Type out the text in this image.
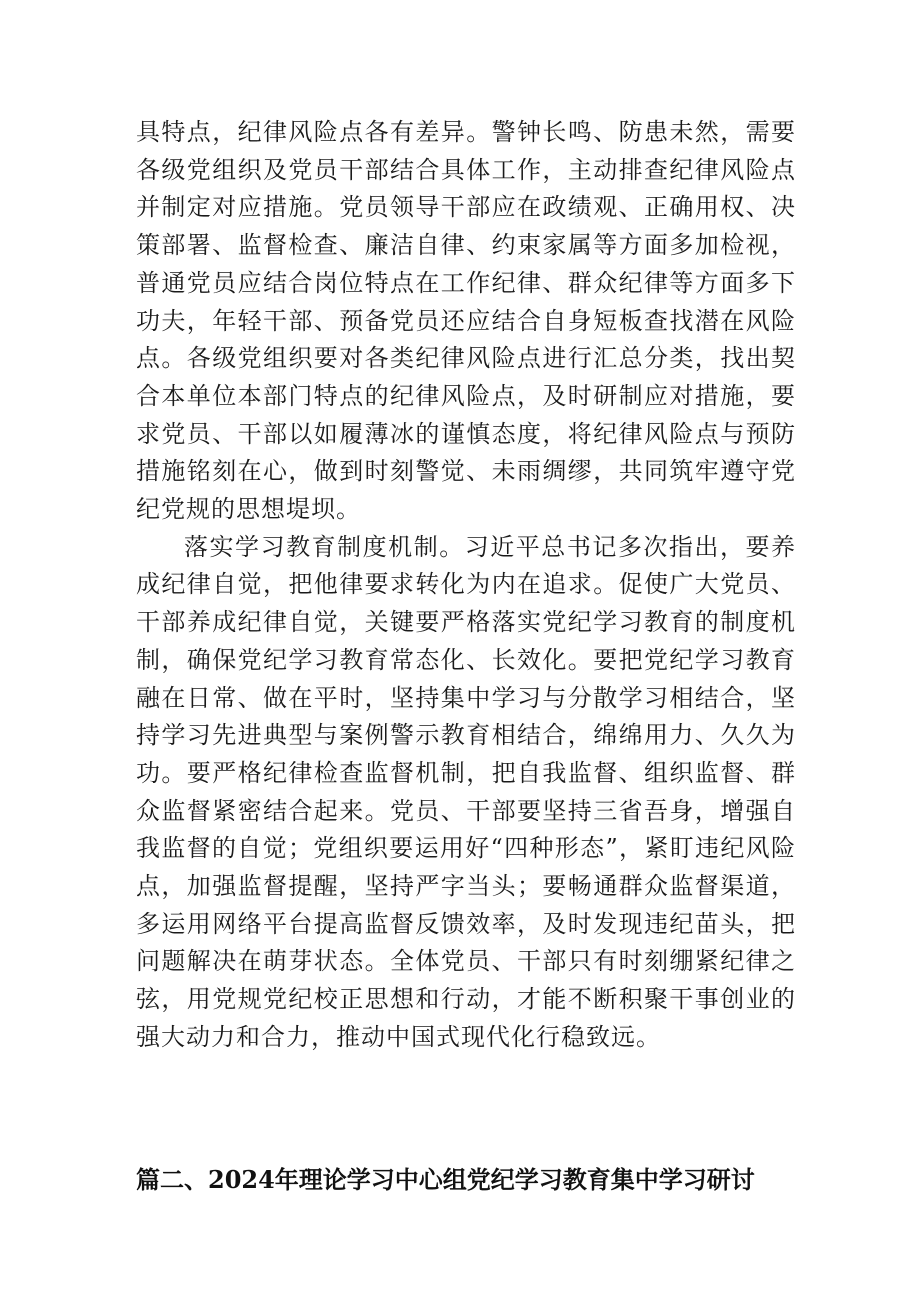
具特点，纪律风险点各有差异。警钟长鸣、防患未然，需要各级党组织及党员干部结合具体工作，主动排查纪律风险点并制定对应措施。党员领导干部应在政绩观、正确用权、决策部署、监督检查、廉洁自律、约束家属等方面多加检视，普通党员应结合岗位特点在工作纪律、群众纪律等方面多下功夫，年轻干部、预备党员还应结合自身短板查找潜在风险点。各级党组织要对各类纪律风险点进行汇总分类，找出契合本单位本部门特点的纪律风险点，及时研制应对措施，要求党员、干部以如履薄冰的谨慎态度，将纪律风险点与预防措施铭刻在心，做到时刻警觉、未雨绸缪，共同筑牢遵守党纪党规的思想堤坝。

落实学习教育制度机制。习近平总书记多次指出，要养成纪律自觉，把他律要求转化为内在追求。促使广大党员、干部养成纪律自觉，关键要严格落实党纪学习教育的制度机制，确保党纪学习教育常态化、长效化。要把党纪学习教育融在日常、做在平时，坚持集中学习与分散学习相结合，坚持学习先进典型与案例警示教育相结合，绵绵用力、久久为功。要严格纪律检查监督机制，把自我监督、组织监督、群众监督紧密结合起来。党员、干部要坚持三省吾身，增强自我监督的自觉；党组织要运用好“四种形态”，紧盯违纪风险点，加强监督提醒，坚持严字当头；要畅通群众监督渠道，多运用网络平台提高监督反馈效率，及时发现违纪苗头，把问题解决在萌芽状态。全体党员、干部只有时刻绷紧纪律之弦，用党规党纪校正思想和行动，才能不断积聚干事创业的强大动力和合力，推动中国式现代化行稳致远。

篇二、2024年理论学习中心组党纪学习教育集中学习研讨
